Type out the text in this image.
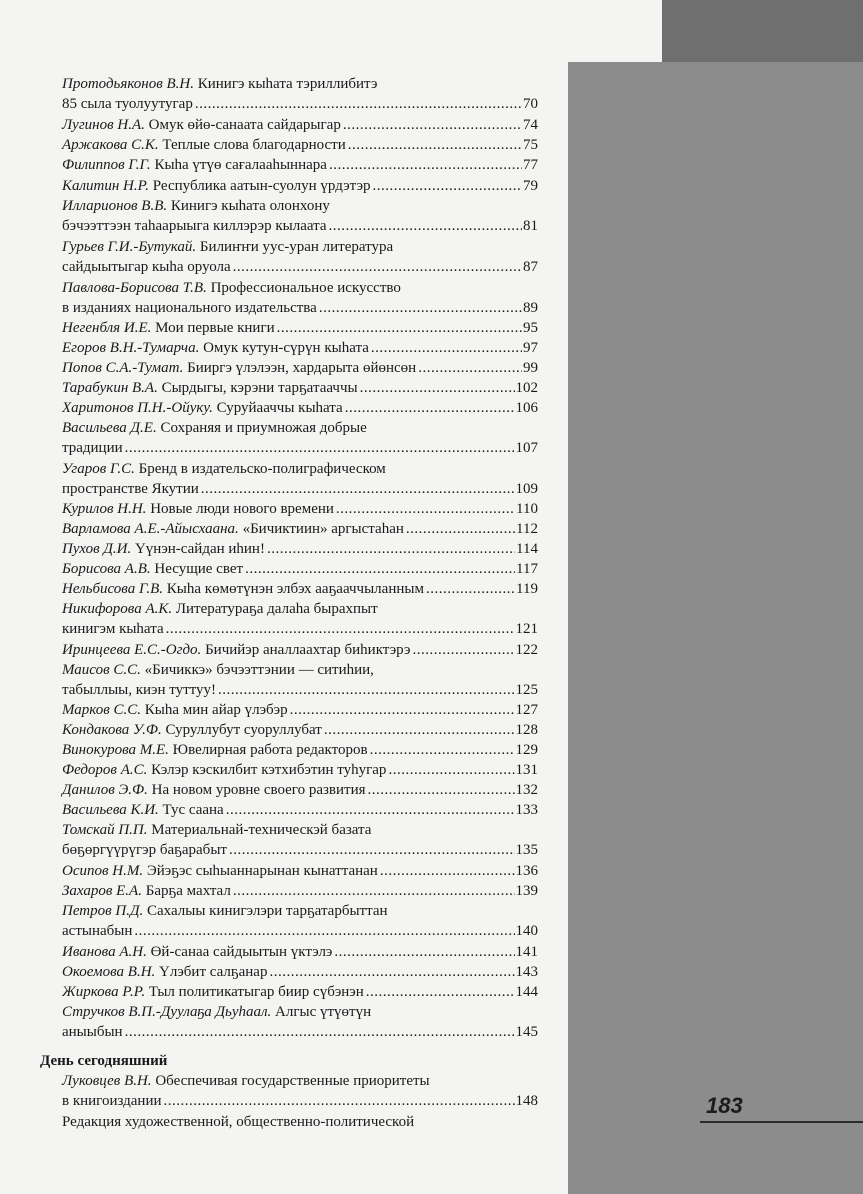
Протодьяконов В.Н. Кинигэ кыһата тэриллибитэ
85 сыла туолуутугар .....	70
Лугинов Н.А. Омук өйө-санаата сайдарыгар .....	74
Аржакова С.К. Теплые слова благодарности .....	75
Филиппов Г.Г. Кыһа үтүө сағалааһыннара .....	77
Калитин Н.Р. Республика аатын-суолун үрдэтэр .....	79
Илларионов В.В. Кинигэ кыһата олонхону
бэчээттээн таһаарыыга киллэрэр кылаата .....	81
Гурьев Г.И.-Бутукай. Билиҥҥи уус-уран литература
сайдыытыгар кыһа оруола .....	87
Павлова-Борисова Т.В. Профессиональное искусство
в изданиях национального издательства .....	89
Негенбля И.Е. Мои первые книги .....	95
Егоров В.Н.-Тумарча. Омук кутун-сүрүн кыһата .....	97
Попов С.А.-Тумат. Бииргэ үлэлээн, хардарыта өйөнсөн .....	99
Тарабукин В.А. Сырдыгы, кэрэни тарҕатааччы .....	102
Харитонов П.Н.-Ойуку. Суруйааччы кыһата .....	106
Васильева Д.Е. Сохраняя и приумножая добрые
традиции .....	107
Угаров Г.С. Бренд в издательско-полиграфическом
пространстве Якутии .....	109
Курилов Н.Н. Новые люди нового времени .....	110
Варламова А.Е.-Айысхаана. «Бичиктиин» аргыстаһан .....	112
Пухов Д.И. Үүнэн-сайдан иһин! .....	114
Борисова А.В. Несущие свет .....	117
Нельбисова Г.В. Кыһа көмөтүнэн элбэх ааҕааччыланным .....	119
Никифорова А.К. Литератураҕа далаһа бырахпыт
кинигэм кыһата .....	121
Иринцеева Е.С.-Огдо. Бичийэр аналлаахтар биһиктэрэ .....	122
Маисов С.С. «Бичиккэ» бэчээттэнии — ситиһии,
табыллыы, киэн туттуу! .....	125
Марков С.С. Кыһа мин айар үлэбэр .....	127
Кондакова У.Ф. Суруллубут суоруллубат .....	128
Винокурова М.Е. Ювелирная работа редакторов .....	129
Федоров А.С. Кэлэр кэскилбит кэтхибэтин туһугар .....	131
Данилов Э.Ф. На новом уровне своего развития .....	132
Васильева К.И. Тус саана .....	133
Томскай П.П. Материальнай-техническэй базата
бөҕөргүүрүгэр баҕарабыт .....	135
Осипов Н.М. Эйэҕэс сыһыаннарынан кынаттанан .....	136
Захаров Е.А. Барҕа махтал .....	139
Петров П.Д. Сахалыы кинигэлэри тарҕатарбыттан
астынабын .....	140
Иванова А.Н. Өй-санаа сайдыытын үктэлэ .....	141
Окоемова В.Н. Үлэбит салҕанар .....	143
Жиркова Р.Р. Тыл политикатыгар биир сүбэнэн .....	144
Стручков В.П.-Дуулаҕа Дьуһаал. Алгыс үтүөтүн
аныыбын .....	145
День сегодняшний
Луковцев В.Н. Обеспечивая государственные приоритеты
в книгоиздании .....	148
Редакция художественной, общественно-политической
183
